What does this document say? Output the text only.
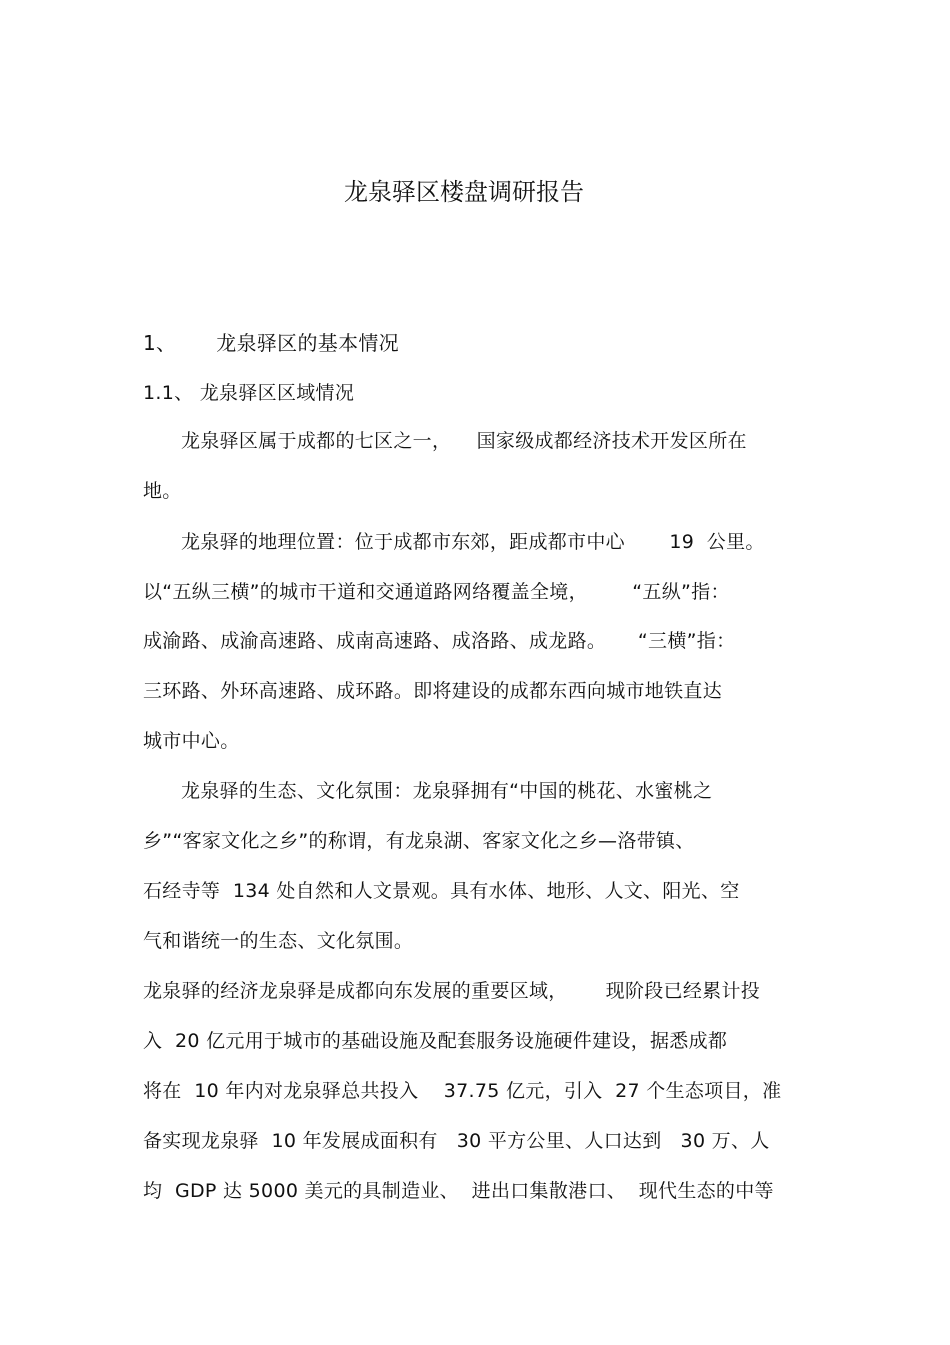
龙泉驿区楼盘调研报告
1、      龙泉驿区的基本情况
1.1、 龙泉驿区区域情况
龙泉驿区属于成都的七区之一，    国家级成都经济技术开发区所在
地。
龙泉驿的地理位置：位于成都市东郊，距成都市中心       19  公里。
以“五纵三横”的城市干道和交通道路网络覆盖全境，       “五纵”指：
成渝路、成渝高速路、成南高速路、成洛路、成龙路。     “三横”指：
三环路、外环高速路、成环路。即将建设的成都东西向城市地铁直达
城市中心。
龙泉驿的生态、文化氛围：龙泉驿拥有“中国的桃花、水蜜桃之
乡”“客家文化之乡”的称谓，有龙泉湖、客家文化之乡—洛带镇、
石经寺等  134 处自然和人文景观。具有水体、地形、人文、阳光、空
气和谐统一的生态、文化氛围。
龙泉驿的经济龙泉驿是成都向东发展的重要区域，      现阶段已经累计投
入  20 亿元用于城市的基础设施及配套服务设施硬件建设，据悉成都
将在  10 年内对龙泉驿总共投入    37.75 亿元，引入  27 个生态项目，准
备实现龙泉驿  10 年发展成面积有   30 平方公里、人口达到   30 万、人
均  GDP 达 5000 美元的具制造业、  进出口集散港口、  现代生态的中等
